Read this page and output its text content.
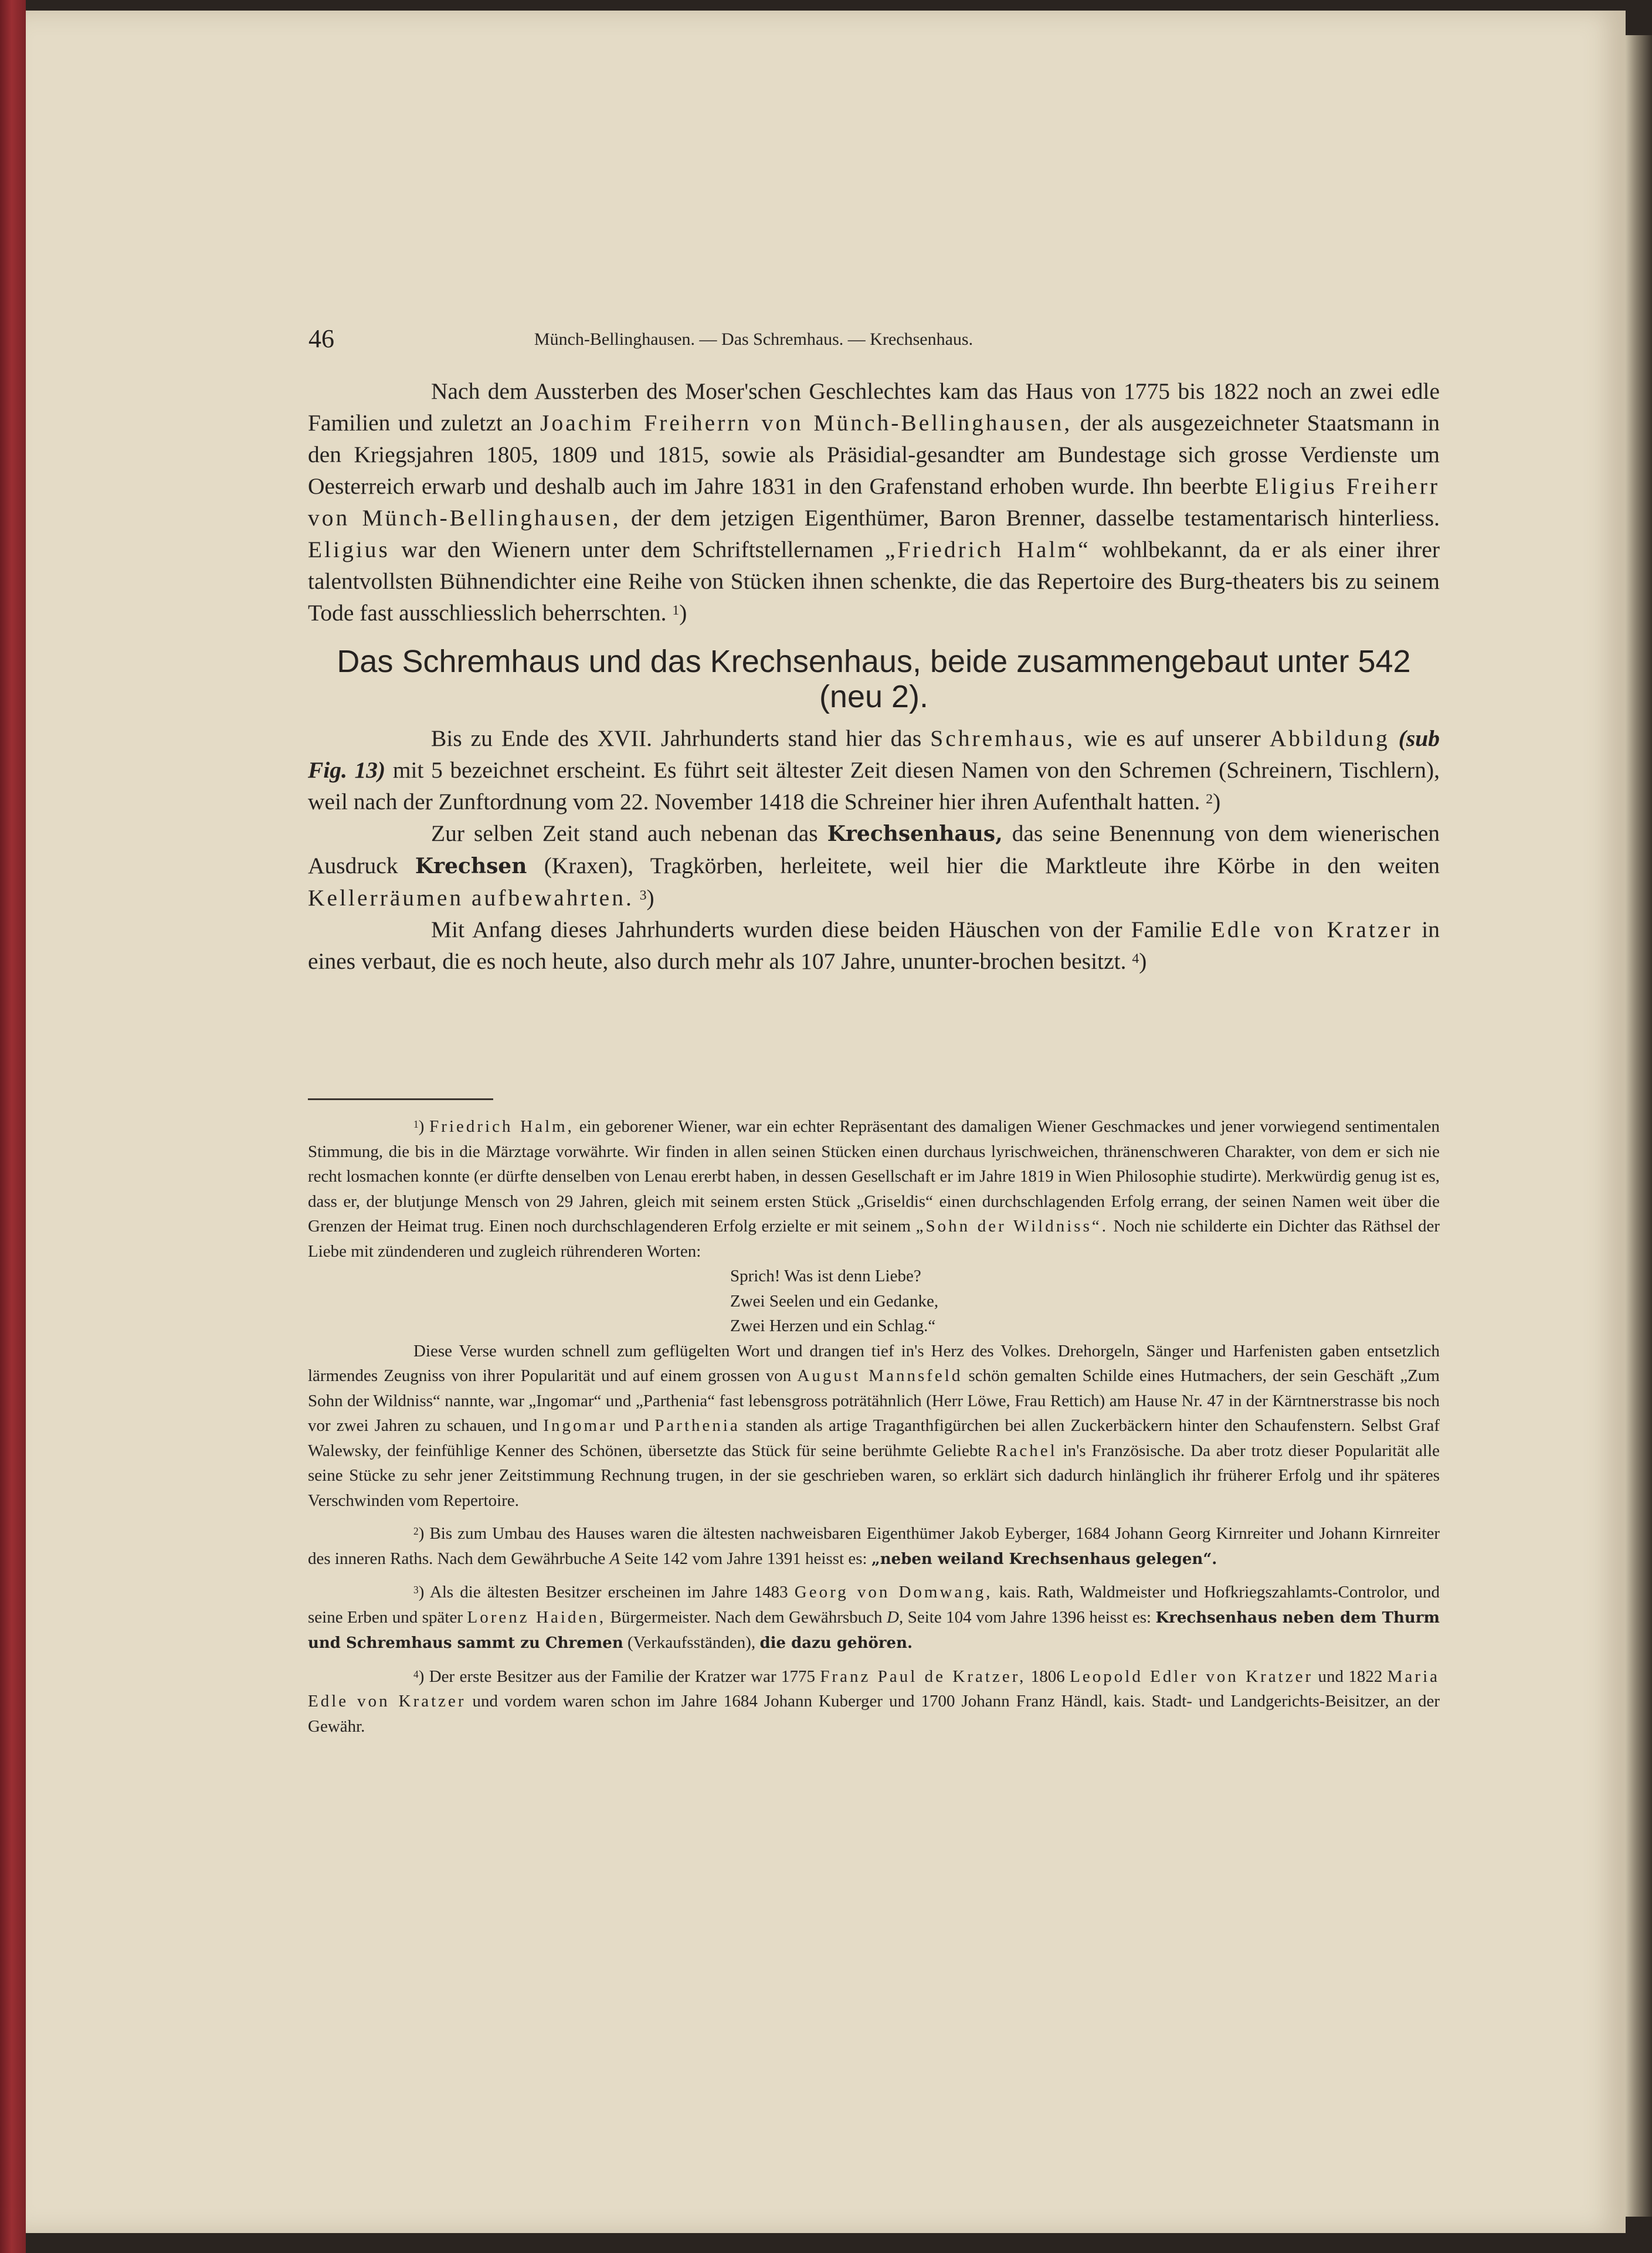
46	Münch-Bellinghausen. — Das Schremhaus. — Krechsenhaus.

Nach dem Aussterben des Moser'schen Geschlechtes kam das Haus von 1775 bis 1822 noch an zwei edle Familien und zuletzt an Joachim Freiherrn von Münch-Bellinghausen, der als ausgezeichneter Staatsmann in den Kriegsjahren 1805, 1809 und 1815, sowie als Präsidial-gesandter am Bundestage sich grosse Verdienste um Oesterreich erwarb und deshalb auch im Jahre 1831 in den Grafenstand erhoben wurde. Ihn beerbte Eligius Freiherr von Münch-Bellinghausen, der dem jetzigen Eigenthümer, Baron Brenner, dasselbe testamentarisch hinterliess. Eligius war den Wienern unter dem Schriftstellernamen „Friedrich Halm“ wohlbekannt, da er als einer ihrer talentvollsten Bühnendichter eine Reihe von Stücken ihnen schenkte, die das Repertoire des Burg-theaters bis zu seinem Tode fast ausschliesslich beherrschten. $^1$)

Das Schremhaus und das Krechsenhaus, beide zusammengebaut unter 542 (neu 2).

Bis zu Ende des XVII. Jahrhunderts stand hier das Schremhaus, wie es auf unserer Abbildung (sub Fig. 13) mit 5 bezeichnet erscheint. Es führt seit ältester Zeit diesen Namen von den Schremen (Schreinern, Tischlern), weil nach der Zunftordnung vom 22. November 1418 die Schreiner hier ihren Aufenthalt hatten. $^2$)

Zur selben Zeit stand auch nebenan das Krechsenhaus, das seine Benennung von dem wienerischen Ausdruck Krechsen (Kraxen), Tragkörben, herleitete, weil hier die Marktleute ihre Körbe in den weiten Kellerräumen aufbewahrten. $^3$)

Mit Anfang dieses Jahrhunderts wurden diese beiden Häuschen von der Familie Edle von Kratzer in eines verbaut, die es noch heute, also durch mehr als 107 Jahre, ununter-brochen besitzt. $^4$)

$^1$) Friedrich Halm, ein geborener Wiener, war ein echter Repräsentant des damaligen Wiener Geschmackes und jener vorwiegend sentimentalen Stimmung, die bis in die Märztage vorwährte. Wir finden in allen seinen Stücken einen durchaus lyrischweichen, thränenschweren Charakter, von dem er sich nie recht losmachen konnte (er dürfte denselben von Lenau ererbt haben, in dessen Gesellschaft er im Jahre 1819 in Wien Philosophie studirte). Merkwürdig genug ist es, dass er, der blutjunge Mensch von 29 Jahren, gleich mit seinem ersten Stück „Griseldis“ einen durchschlagenden Erfolg errang, der seinen Namen weit über die Grenzen der Heimat trug. Einen noch durchschlagenderen Erfolg erzielte er mit seinem „Sohn der Wildniss“. Noch nie schilderte ein Dichter das Räthsel der Liebe mit zündenderen und zugleich rührenderen Worten:

Sprich! Was ist denn Liebe?

Zwei Seelen und ein Gedanke,

Zwei Herzen und ein Schlag.“

Diese Verse wurden schnell zum geflügelten Wort und drangen tief in's Herz des Volkes. Drehorgeln, Sänger und Harfenisten gaben entsetzlich lärmendes Zeugniss von ihrer Popularität und auf einem grossen von August Mannsfeld schön gemalten Schilde eines Hutmachers, der sein Geschäft „Zum Sohn der Wildniss“ nannte, war „Ingomar“ und „Parthenia“ fast lebensgross poträtähnlich (Herr Löwe, Frau Rettich) am Hause Nr. 47 in der Kärntnerstrasse bis noch vor zwei Jahren zu schauen, und Ingomar und Parthenia standen als artige Traganthfigürchen bei allen Zuckerbäckern hinter den Schaufenstern. Selbst Graf Walewsky, der feinfühlige Kenner des Schönen, übersetzte das Stück für seine berühmte Geliebte Rachel in's Französische. Da aber trotz dieser Popularität alle seine Stücke zu sehr jener Zeitstimmung Rechnung trugen, in der sie geschrieben waren, so erklärt sich dadurch hinlänglich ihr früherer Erfolg und ihr späteres Verschwinden vom Repertoire.

$^2$) Bis zum Umbau des Hauses waren die ältesten nachweisbaren Eigenthümer Jakob Eyberger, 1684 Johann Georg Kirnreiter und Johann Kirnreiter des inneren Raths. Nach dem Gewährbuche A Seite 142 vom Jahre 1391 heisst es: „neben weiland Krechsenhaus gelegen“.

$^3$) Als die ältesten Besitzer erscheinen im Jahre 1483 Georg von Domwang, kais. Rath, Waldmeister und Hofkriegszahlamts-Controlor, und seine Erben und später Lorenz Haiden, Bürgermeister. Nach dem Gewährsbuch D, Seite 104 vom Jahre 1396 heisst es: Krechsenhaus neben dem Thurm und Schremhaus sammt zu Chremen (Verkaufsständen), die dazu gehören.

$^4$) Der erste Besitzer aus der Familie der Kratzer war 1775 Franz Paul de Kratzer, 1806 Leopold Edler von Kratzer und 1822 Maria Edle von Kratzer und vordem waren schon im Jahre 1684 Johann Kuberger und 1700 Johann Franz Händl, kais. Stadt- und Landgerichts-Beisitzer, an der Gewähr.
